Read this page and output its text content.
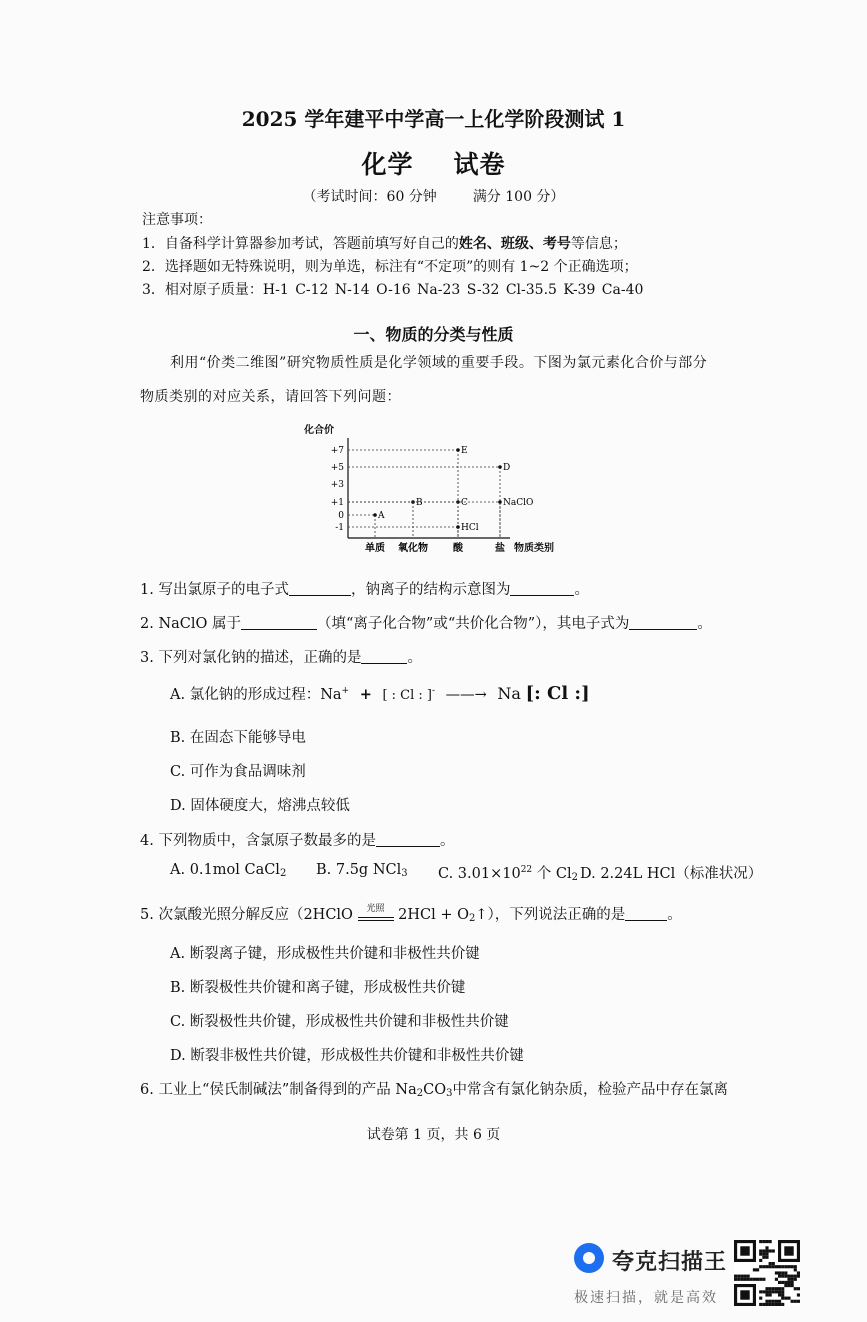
2025 学年建平中学高一上化学阶段测试 1
化学 试卷
（考试时间：60 分钟	满分 100 分）
注意事项：
1．自备科学计算器参加考试，答题前填写好自己的姓名、班级、考号等信息；
2．选择题如无特殊说明，则为单选，标注有“不定项”的则有 1~2 个正确选项；
3．相对原子质量：H-1 C-12 N-14 O-16 Na-23 S-32 Cl-35.5 K-39 Ca-40
一、物质的分类与性质
利用“价类二维图”研究物质性质是化学领域的重要手段。下图为氯元素化合价与部分
物质类别的对应关系，请回答下列问题：
化合价
物质类别
+7
+5
+3
+1
0
-1
单质 氧化物	酸	盐
A
B	C
E
HCl
D
NaClO
1. 写出氯原子的电子式	，钠离子的结构示意图为	。
2. NaClO 属于	（填“离子化合物”或“共价化合物”），其电子式为	。
3. 下列对氯化钠的描述，正确的是	。
A. 氯化钠的形成过程：Na+ + [ : Cl : ]- ——→ Na [: Cl :]
B. 在固态下能够导电
C. 可作为食品调味剂
D. 固体硬度大，熔沸点较低
4. 下列物质中，含氯原子数最多的是	。
A. 0.1mol CaCl$_2$ B. 7.5g NCl$_3$ C. $3.01\times 10^{22}$ 个 $Cl_2$ D. 2.24L HCl（标准状况）
5. 次氯酸光照分解反应（2HClO	光照 $2HCl + O_2↑$），下列说法正确的是	。
A. 断裂离子键，形成极性共价键和非极性共价键
B. 断裂极性共价键和离子键，形成极性共价键
C. 断裂极性共价键，形成极性共价键和非极性共价键
D. 断裂非极性共价键，形成极性共价键和非极性共价键
6. 工业上“侯氏制碱法”制备得到的产品 $Na_2CO_3$中常含有氯化钠杂质，检验产品中存在氯离
试卷第 1 页，共 6 页
夸克扫描王
极速扫描，就是高效
